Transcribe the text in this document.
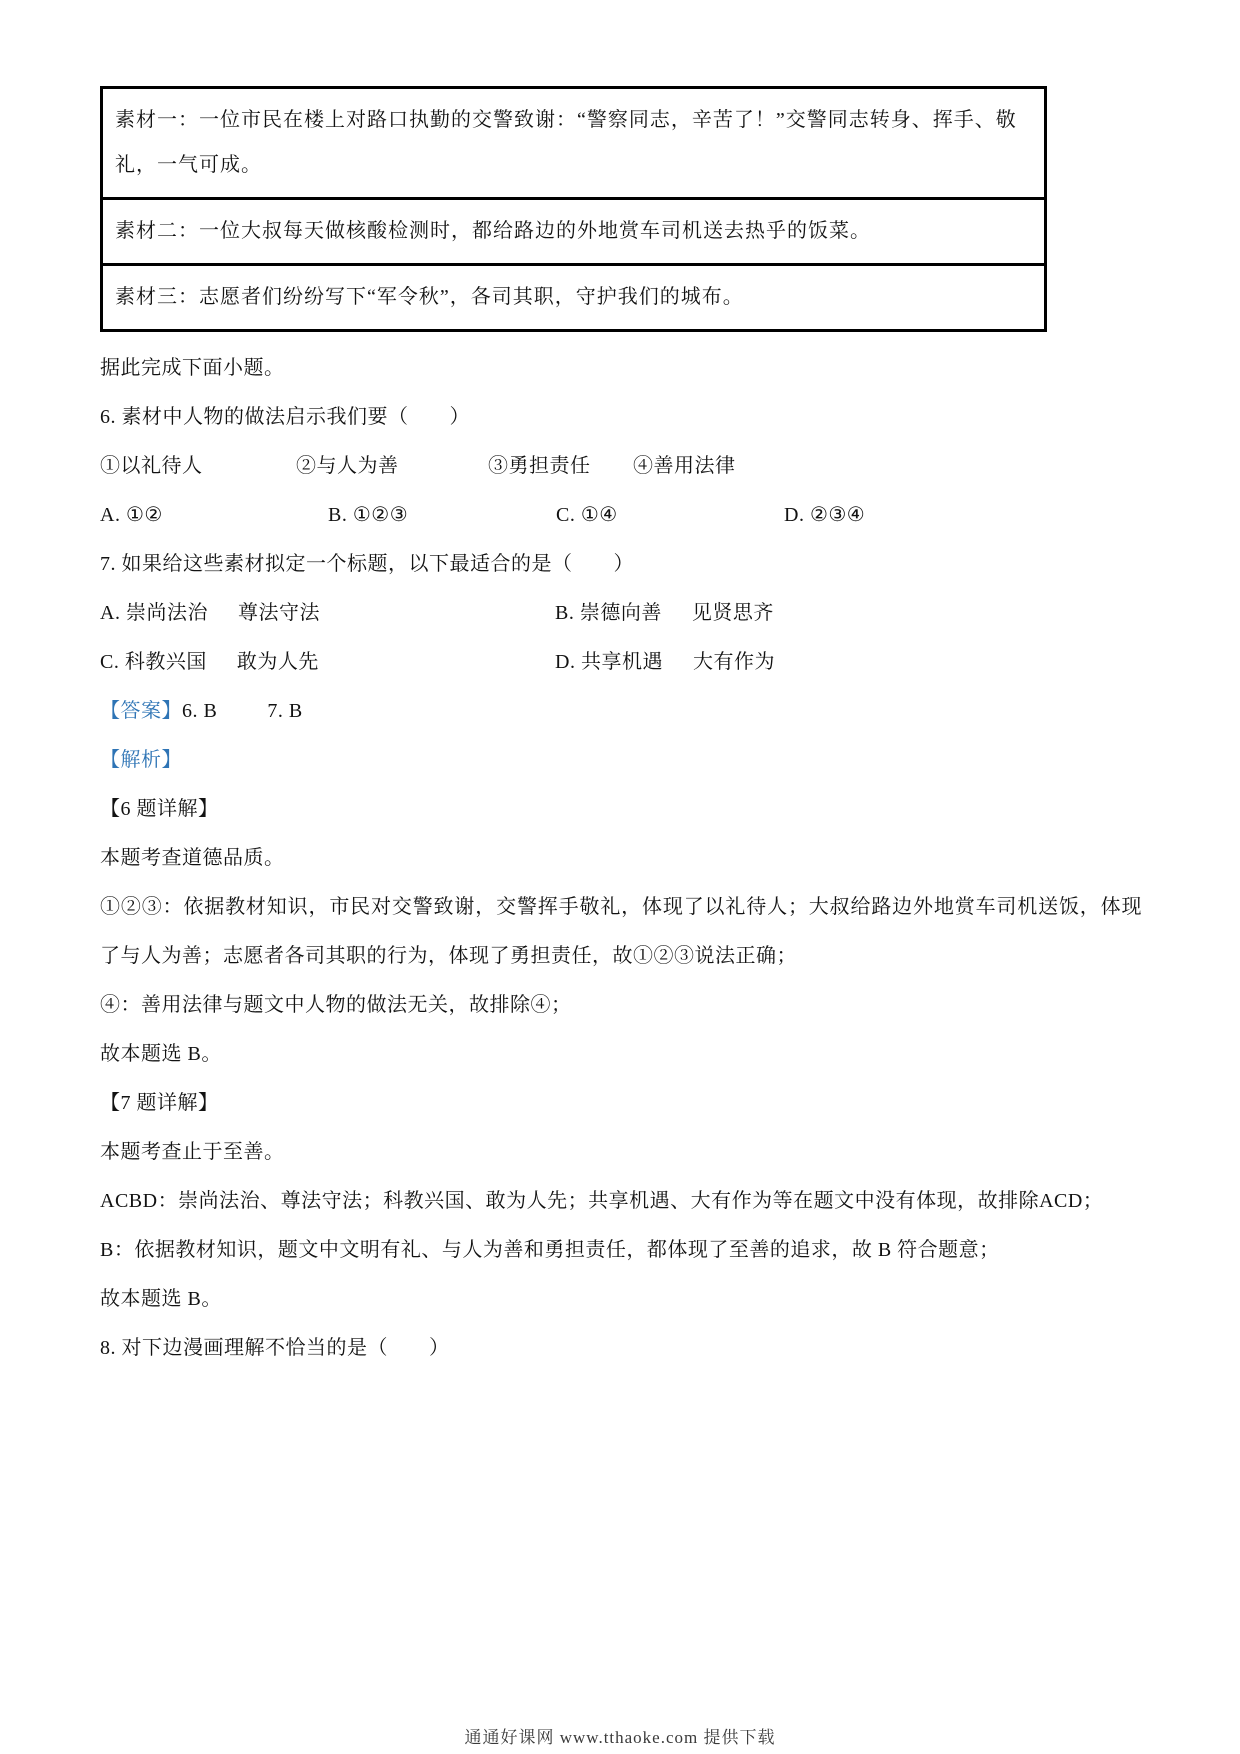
素材一：一位市民在楼上对路口执勤的交警致谢：“警察同志，辛苦了！”交警同志转身、挥手、敬礼，一气可成。
素材二：一位大叔每天做核酸检测时，都给路边的外地赏车司机送去热乎的饭菜。
素材三：志愿者们纷纷写下“军令秋”，各司其职，守护我们的城布。

据此完成下面小题。

6. 素材中人物的做法启示我们要（　　）

①以礼待人	②与人为善	③勇担责任	④善用法律

A. ①②	B. ①②③	C. ①④	D. ②③④

7. 如果给这些素材拟定一个标题，以下最适合的是（　　）

A. 崇尚法治 尊法守法	B. 崇德向善 见贤思齐

C. 科教兴国 敢为人先	D. 共享机遇 大有作为

【答案】6. B	7. B

【解析】

【6 题详解】

本题考查道德品质。

①②③：依据教材知识，市民对交警致谢，交警挥手敬礼，体现了以礼待人；大叔给路边外地赏车司机送饭，体现了与人为善；志愿者各司其职的行为，体现了勇担责任，故①②③说法正确；

④：善用法律与题文中人物的做法无关，故排除④；

故本题选 B。

【7 题详解】

本题考查止于至善。

ACBD：崇尚法治、尊法守法；科教兴国、敢为人先；共享机遇、大有作为等在题文中没有体现，故排除ACD；

B：依据教材知识，题文中文明有礼、与人为善和勇担责任，都体现了至善的追求，故 B 符合题意；

故本题选 B。

8. 对下边漫画理解不恰当的是（　　）

通通好课网 www.tthaoke.com 提供下载
